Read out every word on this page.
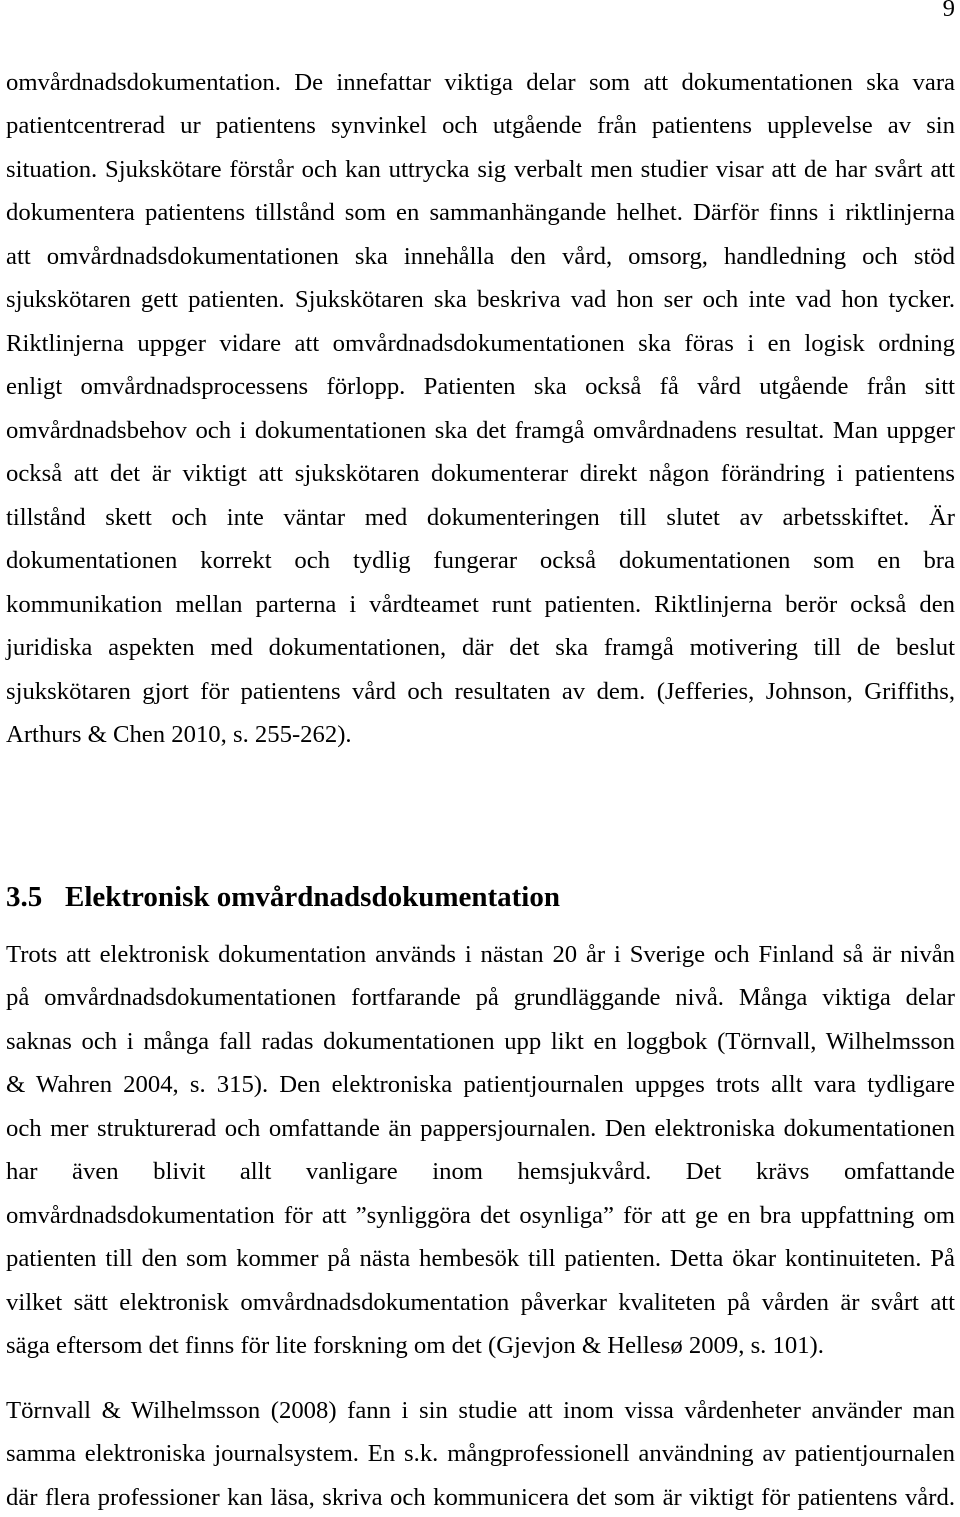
9
omvårdnadsdokumentation. De innefattar viktiga delar som att dokumentationen ska vara
patientcentrerad ur patientens synvinkel och utgående från patientens upplevelse av sin
situation. Sjukskötare förstår och kan uttrycka sig verbalt men studier visar att de har svårt att
dokumentera patientens tillstånd som en sammanhängande helhet. Därför finns i riktlinjerna
att omvårdnadsdokumentationen ska innehålla den vård, omsorg, handledning och stöd
sjukskötaren gett patienten. Sjukskötaren ska beskriva vad hon ser och inte vad hon tycker.
Riktlinjerna uppger vidare att omvårdnadsdokumentationen ska föras i en logisk ordning
enligt omvårdnadsprocessens förlopp. Patienten ska också få vård utgående från sitt
omvårdnadsbehov och i dokumentationen ska det framgå omvårdnadens resultat. Man uppger
också att det är viktigt att sjukskötaren dokumenterar direkt någon förändring i patientens
tillstånd skett och inte väntar med dokumenteringen till slutet av arbetsskiftet. Är
dokumentationen korrekt och tydlig fungerar också dokumentationen som en bra
kommunikation mellan parterna i vårdteamet runt patienten. Riktlinjerna berör också den
juridiska aspekten med dokumentationen, där det ska framgå motivering till de beslut
sjukskötaren gjort för patientens vård och resultaten av dem. (Jefferies, Johnson, Griffiths,
Arthurs & Chen 2010, s. 255-262).
3.5 Elektronisk omvårdnadsdokumentation
Trots att elektronisk dokumentation används i nästan 20 år i Sverige och Finland så är nivån
på omvårdnadsdokumentationen fortfarande på grundläggande nivå. Många viktiga delar
saknas och i många fall radas dokumentationen upp likt en loggbok (Törnvall, Wilhelmsson
& Wahren 2004, s. 315). Den elektroniska patientjournalen uppges trots allt vara tydligare
och mer strukturerad och omfattande än pappersjournalen. Den elektroniska dokumentationen
har även blivit allt vanligare inom hemsjukvård. Det krävs omfattande
omvårdnadsdokumentation för att ”synliggöra det osynliga” för att ge en bra uppfattning om
patienten till den som kommer på nästa hembesök till patienten. Detta ökar kontinuiteten. På
vilket sätt elektronisk omvårdnadsdokumentation påverkar kvaliteten på vården är svårt att
säga eftersom det finns för lite forskning om det (Gjevjon & Hellesø 2009, s. 101).
Törnvall & Wilhelmsson (2008) fann i sin studie att inom vissa vårdenheter använder man
samma elektroniska journalsystem. En s.k. mångprofessionell användning av patientjournalen
där flera professioner kan läsa, skriva och kommunicera det som är viktigt för patientens vård.
